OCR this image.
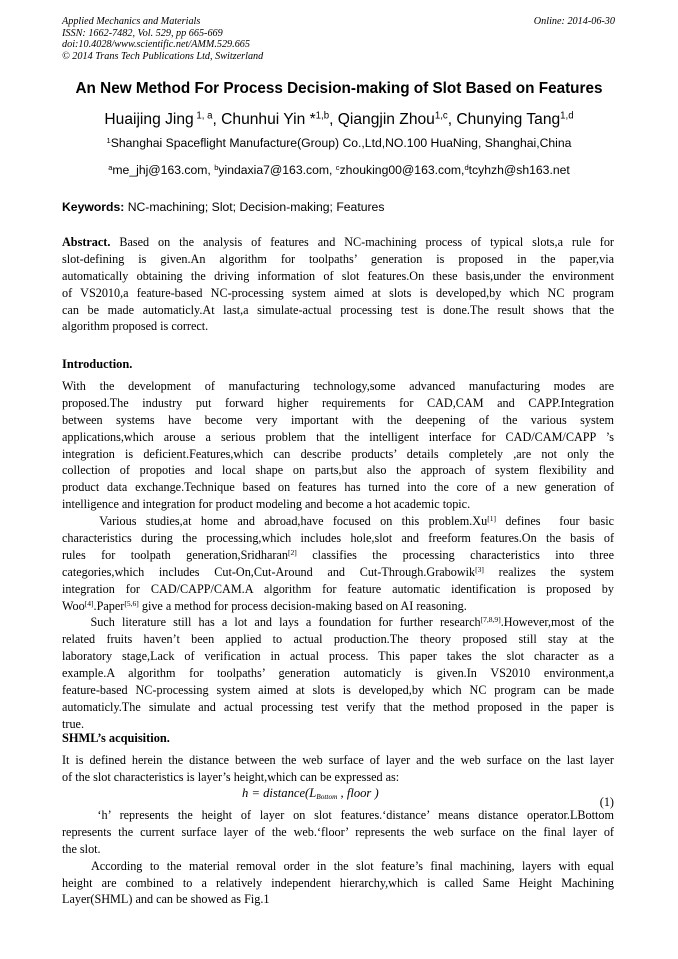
Applied Mechanics and Materials
ISSN: 1662-7482, Vol. 529, pp 665-669
doi:10.4028/www.scientific.net/AMM.529.665
© 2014 Trans Tech Publications Ltd, Switzerland
Online: 2014-06-30
An New Method For Process Decision-making of Slot Based on Features
Huaijing Jing $^{1, a}$, Chunhui Yin *$^{1,b}$, Qiangjin Zhou$^{1,c}$, Chunying Tang$^{1,d}$
$^1$Shanghai Spaceflight Manufacture(Group) Co.,Ltd,NO.100 HuaNing, Shanghai,China
$^a$me_jhj@163.com, $^b$yindaxia7@163.com, $^c$zhouking00@163.com,$^d$tcyhzh@sh163.net
Keywords: NC-machining; Slot; Decision-making; Features
Abstract. Based on the analysis of features and NC-machining process of typical slots,a rule for
slot-defining is given.An algorithm for toolpaths’ generation is proposed in the paper,via
automatically obtaining the driving information of slot features.On these basis,under the environment
of VS2010,a feature-based NC-processing system aimed at slots is developed,by which NC program
can be made automaticly.At last,a simulate-actual processing test is done.The result shows that the
algorithm proposed is correct.
Introduction.
With the development of manufacturing technology,some advanced manufacturing modes are
proposed.The industry put forward higher requirements for CAD,CAM and CAPP.Integration
between systems have become very important with the deepening of the various system
applications,which arouse a serious problem that the intelligent interface for CAD/CAM/CAPP ’s
integration is deficient.Features,which can describe products’ details completely ,are not only the
collection of propoties and local shape on parts,but also the approach of system flexibility and
product data exchange.Technique based on features has turned into the core of a new generation of
intelligence and integration for product modeling and become a hot academic topic.
Various studies,at home and abroad,have focused on this problem.Xu[1] defines  four basic
characteristics during the processing,which includes hole,slot and freeform features.On the basis of
rules for toolpath generation,Sridharan[2] classifies the processing characteristics into three
categories,which includes Cut-On,Cut-Around and Cut-Through.Grabowik[3] realizes the system
integration for CAD/CAPP/CAM.A algorithm for feature automatic identification is proposed by
Woo[4].Paper[5,6] give a method for process decision-making based on AI reasoning.
Such literature still has a lot and lays a foundation for further research[7,8,9].However,most of the
related fruits haven’t been applied to actual production.The theory proposed still stay at the
laboratory stage,Lack of verification in actual process. This paper takes the slot character as a
example.A algorithm for toolpaths’ generation automaticly is given.In VS2010 environment,a
feature-based NC-processing system aimed at slots is developed,by which NC program can be made
automaticly.The simulate and actual processing test verify that the method proposed in the paper is
true.
SHML’s acquisition.
It is defined herein the distance between the web surface of layer and the web surface on the last layer
of the slot characteristics is layer’s height,which can be expressed as:
$h = distance(L_{Bottom}$ , floor )
(1)
‘h’ represents the height of layer on slot features.‘distance’ means distance operator.LBottom
represents the current surface layer of the web.‘floor’ represents the web surface on the final layer of
the slot.
According to the material removal order in the slot feature’s final machining, layers with equal
height are combined to a relatively independent hierarchy,which is called Same Height Machining
Layer(SHML) and can be showed as Fig.1
